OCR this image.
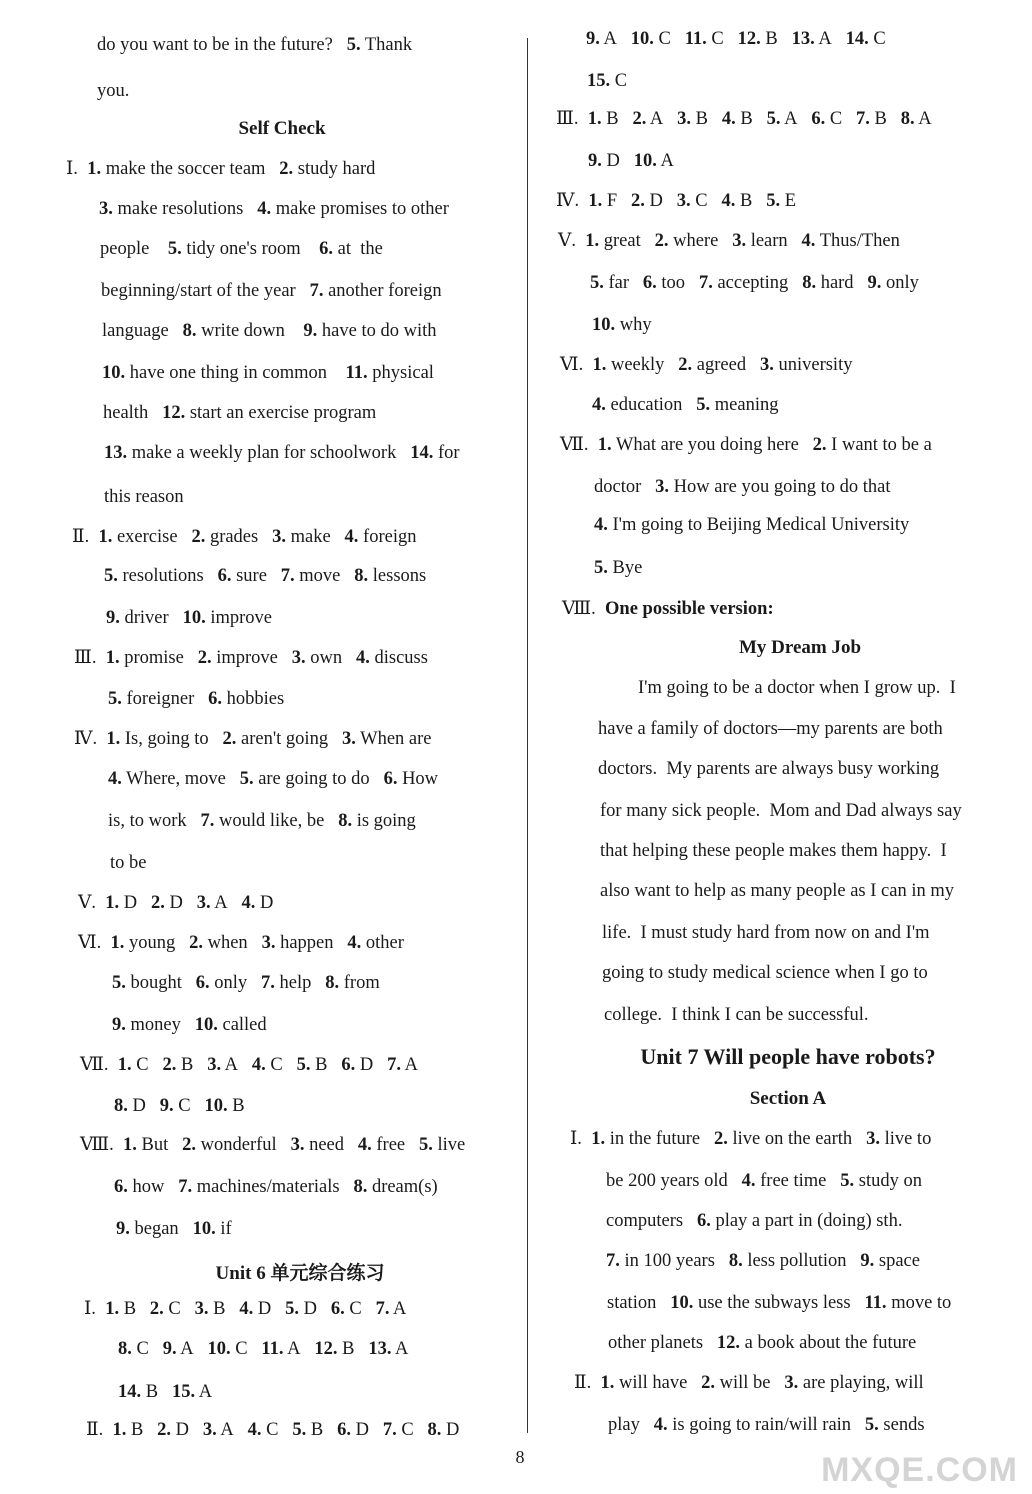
do you want to be in the future?   5. Thank
you.
Self Check
Ⅰ.  1. make the soccer team   2. study hard
3. make resolutions   4. make promises to other
people    5. tidy one's room    6. at  the
beginning/start of the year   7. another foreign
language   8. write down    9. have to do with
10. have one thing in common    11. physical
health   12. start an exercise program
13. make a weekly plan for schoolwork   14. for
this reason
Ⅱ.  1. exercise   2. grades   3. make   4. foreign
5. resolutions   6. sure   7. move   8. lessons
9. driver   10. improve
Ⅲ.  1. promise   2. improve   3. own   4. discuss
5. foreigner   6. hobbies
Ⅳ.  1. Is, going to   2. aren't going   3. When are
4. Where, move   5. are going to do   6. How
is, to work   7. would like, be   8. is going
to be
Ⅴ.  1. D   2. D   3. A   4. D
Ⅵ.  1. young   2. when   3. happen   4. other
5. bought   6. only   7. help   8. from
9. money   10. called
Ⅶ.  1. C   2. B   3. A   4. C   5. B   6. D   7. A
8. D   9. C   10. B
Ⅷ.  1. But   2. wonderful   3. need   4. free   5. live
6. how   7. machines/materials   8. dream(s)
9. began   10. if
Unit 6 单元综合练习
Ⅰ.  1. B   2. C   3. B   4. D   5. D   6. C   7. A
8. C   9. A   10. C   11. A   12. B   13. A
14. B   15. A
Ⅱ.  1. B   2. D   3. A   4. C   5. B   6. D   7. C   8. D
9. A   10. C   11. C   12. B   13. A   14. C
15. C
Ⅲ.  1. B   2. A   3. B   4. B   5. A   6. C   7. B   8. A
9. D   10. A
Ⅳ.  1. F   2. D   3. C   4. B   5. E
Ⅴ.  1. great   2. where   3. learn   4. Thus/Then
5. far   6. too   7. accepting   8. hard   9. only
10. why
Ⅵ.  1. weekly   2. agreed   3. university
4. education   5. meaning
Ⅶ.  1. What are you doing here   2. I want to be a
doctor   3. How are you going to do that
4. I'm going to Beijing Medical University
5. Bye
Ⅷ.  One possible version:
My Dream Job
I'm going to be a doctor when I grow up.  I
have a family of doctors—my parents are both
doctors.  My parents are always busy working
for many sick people.  Mom and Dad always say
that helping these people makes them happy.  I
also want to help as many people as I can in my
life.  I must study hard from now on and I'm
going to study medical science when I go to
college.  I think I can be successful.
Unit 7 Will people have robots?
Section A
Ⅰ.  1. in the future   2. live on the earth   3. live to
be 200 years old   4. free time   5. study on
computers   6. play a part in (doing) sth.
7. in 100 years   8. less pollution   9. space
station   10. use the subways less   11. move to
other planets   12. a book about the future
Ⅱ.  1. will have   2. will be   3. are playing, will
play   4. is going to rain/will rain   5. sends
8	MXQE.COM
